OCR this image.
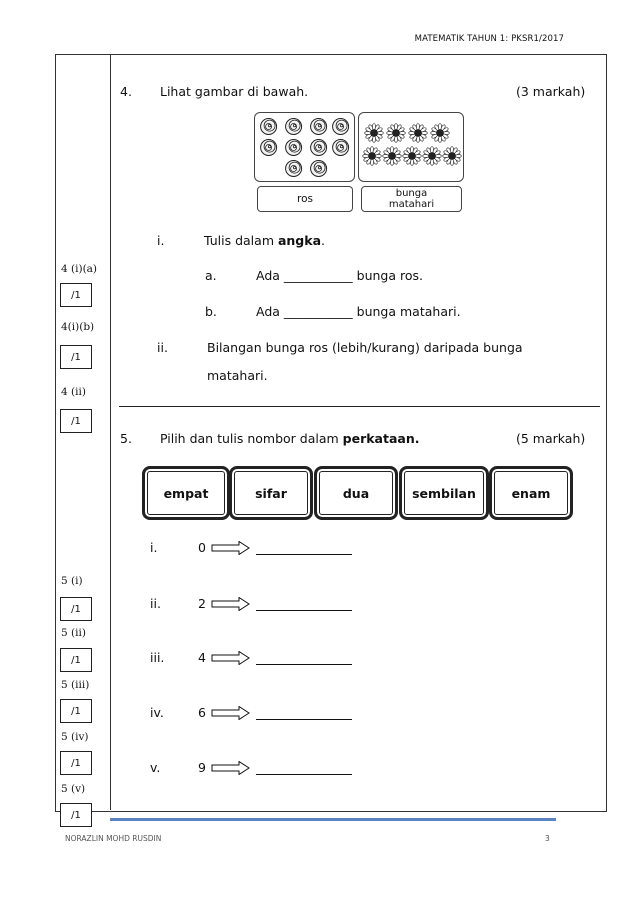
MATEMATIK TAHUN 1: PKSR1/2017
4 (i)(a)
/1
4(i)(b)
/1
4 (ii)
/1
5 (i)
/1
5 (ii)
/1
5 (iii)
/1
5 (iv)
/1
5 (v)
/1
4. Lihat gambar di bawah.	(3 markah)
ros	bunga
matahari
i.	Tulis dalam angka.
a.	Ada ___________ bunga ros.
b.	Ada ___________ bunga matahari.
ii.	Bilangan bunga ros (lebih/kurang) daripada bunga
matahari.
5. Pilih dan tulis nombor dalam perkataan.	(5 markah)
empat	sifar	dua	sembilan	enam
i.	0
ii.	2
iii.	4
iv.	6
v.	9
NORAZLIN MOHD RUSDIN	3
